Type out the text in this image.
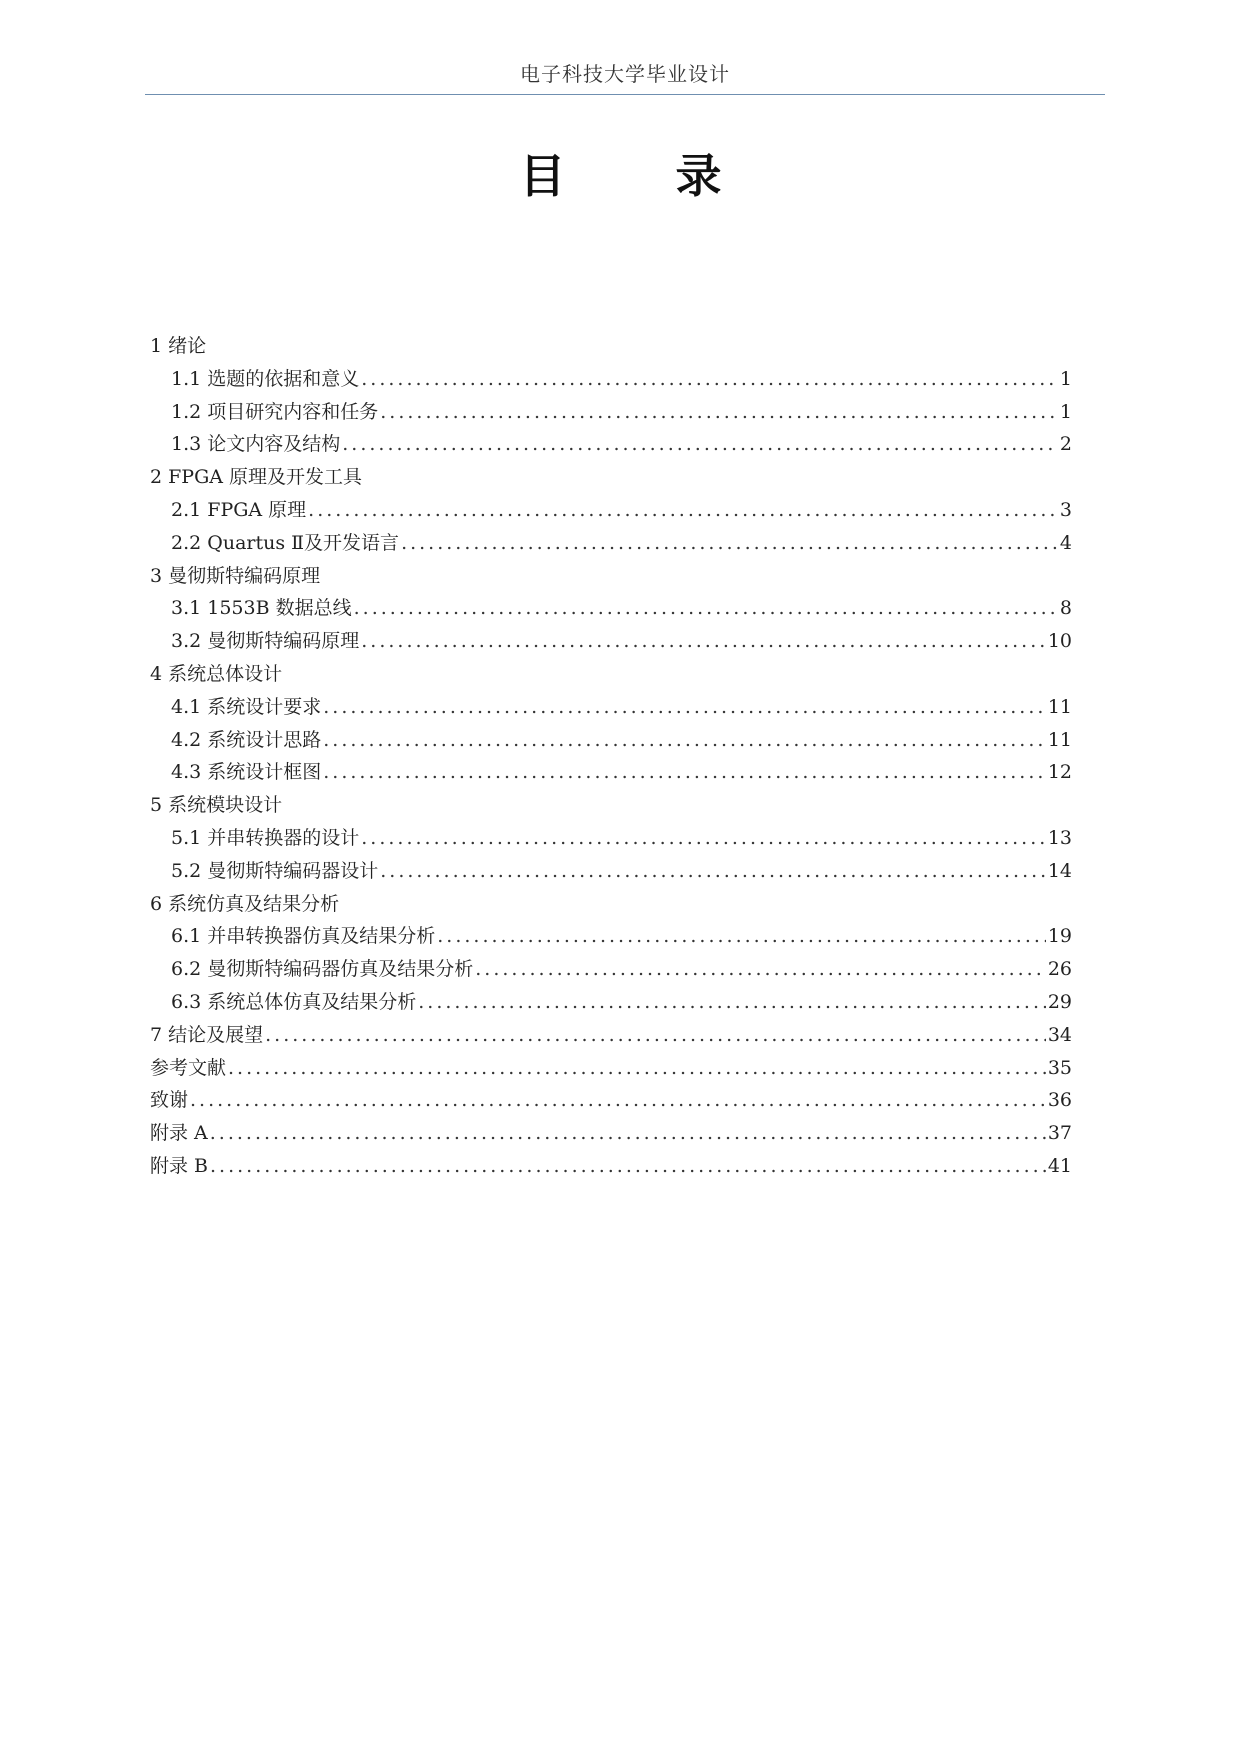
电子科技大学毕业设计
目 录
1 绪论
1.1 选题的依据和意义 .....	1
1.2 项目研究内容和任务 .....	1
1.3 论文内容及结构 .....	2
2 FPGA 原理及开发工具
2.1 FPGA 原理 .....	3
2.2 Quartus Ⅱ及开发语言 .....	4
3 曼彻斯特编码原理
3.1 1553B 数据总线 .....	8
3.2 曼彻斯特编码原理 .....	10
4 系统总体设计
4.1 系统设计要求 .....	11
4.2 系统设计思路 .....	11
4.3 系统设计框图 .....	12
5 系统模块设计
5.1 并串转换器的设计 .....	13
5.2 曼彻斯特编码器设计 .....	14
6 系统仿真及结果分析
6.1 并串转换器仿真及结果分析 .....	19
6.2 曼彻斯特编码器仿真及结果分析 .....	26
6.3 系统总体仿真及结果分析 .....	29
7 结论及展望 .....	34
参考文献 .....	35
致谢 .....	36
附录 A .....	37
附录 B .....	41
